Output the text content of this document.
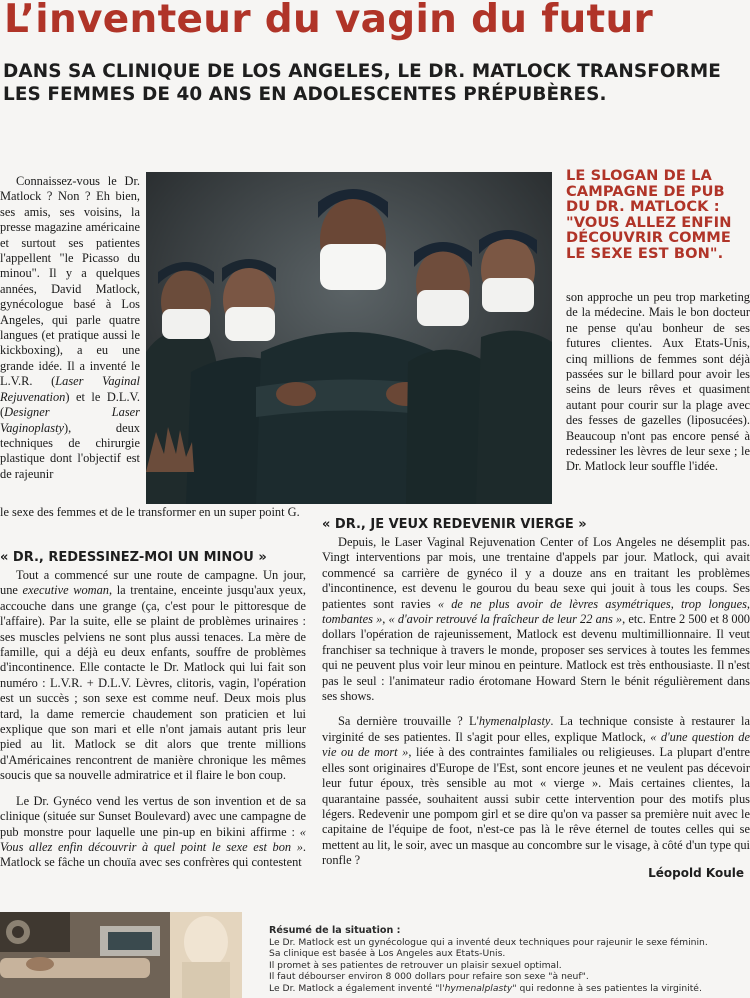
L’inventeur du vagin du futur
DANS SA CLINIQUE DE LOS ANGELES, LE DR. MATLOCK TRANSFORME
LES FEMMES DE 40 ANS EN ADOLESCENTES PRÉPUBÈRES.

Connaissez-vous le Dr. Matlock ? Non ? Eh bien, ses amis, ses voisins, la presse magazine américaine et surtout ses patientes l'appellent "le Picasso du minou". Il y a quelques années, David Matlock, gynécologue basé à Los Angeles, qui parle quatre langues (et pratique aussi le kickboxing), a eu une grande idée. Il a inventé le L.V.R. (Laser Vaginal Rejuvenation) et le D.L.V. (Designer Laser Vaginoplasty), deux techniques de chirurgie plastique dont l'objectif est de rajeunir

LE SLOGAN DE LA
CAMPAGNE DE PUB
DU DR. MATLOCK :
"VOUS ALLEZ ENFIN
DÉCOUVRIR COMME
LE SEXE EST BON".

son approche un peu trop marketing de la médecine. Mais le bon docteur ne pense qu'au bonheur de ses futures clientes. Aux Etats-Unis, cinq millions de femmes sont déjà passées sur le billard pour avoir les seins de leurs rêves et quasiment autant pour courir sur la plage avec des fesses de gazelles (liposucées). Beaucoup n'ont pas encore pensé à redessiner les lèvres de leur sexe ; le Dr. Matlock leur souffle l'idée.

le sexe des femmes et de le transformer en un super point G.
« DR., REDESSINEZ-MOI UN MINOU »

Tout a commencé sur une route de campagne. Un jour, une executive woman, la trentaine, enceinte jusqu'aux yeux, accouche dans une grange (ça, c'est pour le pittoresque de l'affaire). Par la suite, elle se plaint de problèmes urinaires : ses muscles pelviens ne sont plus aussi tenaces. La mère de famille, qui a déjà eu deux enfants, souffre de problèmes d'incontinence. Elle contacte le Dr. Matlock qui lui fait son numéro : L.V.R. + D.L.V. Lèvres, clitoris, vagin, l'opération est un succès ; son sexe est comme neuf. Deux mois plus tard, la dame remercie chaudement son praticien et lui explique que son mari et elle n'ont jamais autant pris leur pied au lit. Matlock se dit alors que trente millions d'Américaines rencontrent de manière chronique les mêmes soucis que sa nouvelle admiratrice et il flaire le bon coup.

Le Dr. Gynéco vend les vertus de son invention et de sa clinique (située sur Sunset Boulevard) avec une campagne de pub monstre pour laquelle une pin-up en bikini affirme : « Vous allez enfin découvrir à quel point le sexe est bon ». Matlock se fâche un chouïa avec ses confrères qui contestent

« DR., JE VEUX REDEVENIR VIERGE »

Depuis, le Laser Vaginal Rejuvenation Center of Los Angeles ne désemplit pas. Vingt interventions par mois, une trentaine d'appels par jour. Matlock, qui avait commencé sa carrière de gynéco il y a douze ans en traitant les problèmes d'incontinence, est devenu le gourou du beau sexe qui jouit à tous les coups. Ses patientes sont ravies « de ne plus avoir de lèvres asymétriques, trop longues, tombantes », « d'avoir retrouvé la fraîcheur de leur 22 ans », etc. Entre 2 500 et 8 000 dollars l'opération de rajeunissement, Matlock est devenu multimillionnaire. Il veut franchiser sa technique à travers le monde, proposer ses services à toutes les femmes qui ne peuvent plus voir leur minou en peinture. Matlock est très enthousiaste. Il n'est pas le seul : l'animateur radio érotomane Howard Stern le bénit régulièrement dans ses shows.

Sa dernière trouvaille ? L'hymenalplasty. La technique consiste à restaurer la virginité de ses patientes. Il s'agit pour elles, explique Matlock, « d'une question de vie ou de mort », liée à des contraintes familiales ou religieuses. La plupart d'entre elles sont originaires d'Europe de l'Est, sont encore jeunes et ne veulent pas décevoir leur futur époux, très sensible au mot « vierge ». Mais certaines clientes, la quarantaine passée, souhaitent aussi subir cette intervention pour des motifs plus légers. Redevenir une pompom girl et se dire qu'on va passer sa première nuit avec le capitaine de l'équipe de foot, n'est-ce pas là le rêve éternel de toutes celles qui se mettent au lit, le soir, avec un masque au concombre sur le visage, à côté d'un type qui ronfle ?

Léopold Koule
Résumé de la situation :
Le Dr. Matlock est un gynécologue qui a inventé deux techniques pour rajeunir le sexe féminin.
Sa clinique est basée à Los Angeles aux Etats-Unis.
Il promet à ses patientes de retrouver un plaisir sexuel optimal.
Il faut débourser environ 8 000 dollars pour refaire son sexe "à neuf".
Le Dr. Matlock a également inventé "l'hymenalplasty" qui redonne à ses patientes la virginité.
